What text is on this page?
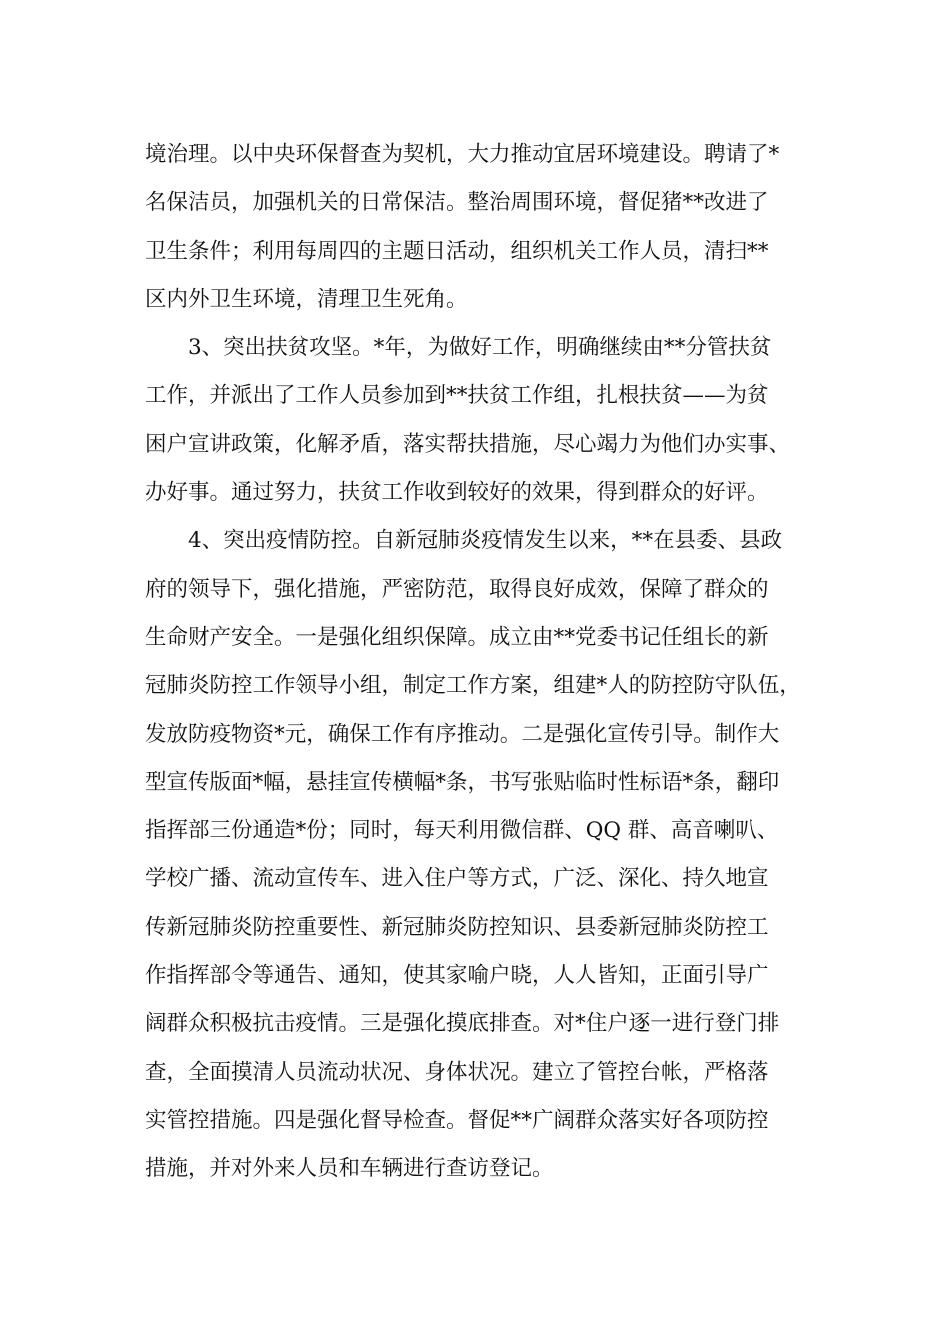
境治理。以中央环保督查为契机，大力推动宜居环境建设。聘请了*
名保洁员，加强机关的日常保洁。整治周围环境，督促猪**改进了
卫生条件；利用每周四的主题日活动，组织机关工作人员，清扫**
区内外卫生环境，清理卫生死角。
3、突出扶贫攻坚。*年，为做好工作，明确继续由**分管扶贫
工作，并派出了工作人员参加到**扶贫工作组，扎根扶贫——为贫
困户宣讲政策，化解矛盾，落实帮扶措施，尽心竭力为他们办实事、
办好事。通过努力，扶贫工作收到较好的效果，得到群众的好评。
4、突出疫情防控。自新冠肺炎疫情发生以来，**在县委、县政
府的领导下，强化措施，严密防范，取得良好成效，保障了群众的
生命财产安全。一是强化组织保障。成立由**党委书记任组长的新
冠肺炎防控工作领导小组，制定工作方案，组建*人的防控防守队伍，
发放防疫物资*元，确保工作有序推动。二是强化宣传引导。制作大
型宣传版面*幅，悬挂宣传横幅*条，书写张贴临时性标语*条，翻印
指挥部三份通造*份；同时，每天利用微信群、QQ 群、高音喇叭、
学校广播、流动宣传车、进入住户等方式，广泛、深化、持久地宣
传新冠肺炎防控重要性、新冠肺炎防控知识、县委新冠肺炎防控工
作指挥部令等通告、通知，使其家喻户晓，人人皆知，正面引导广
阔群众积极抗击疫情。三是强化摸底排查。对*住户逐一进行登门排
查，全面摸清人员流动状况、身体状况。建立了管控台帐，严格落
实管控措施。四是强化督导检查。督促**广阔群众落实好各项防控
措施，并对外来人员和车辆进行查访登记。
